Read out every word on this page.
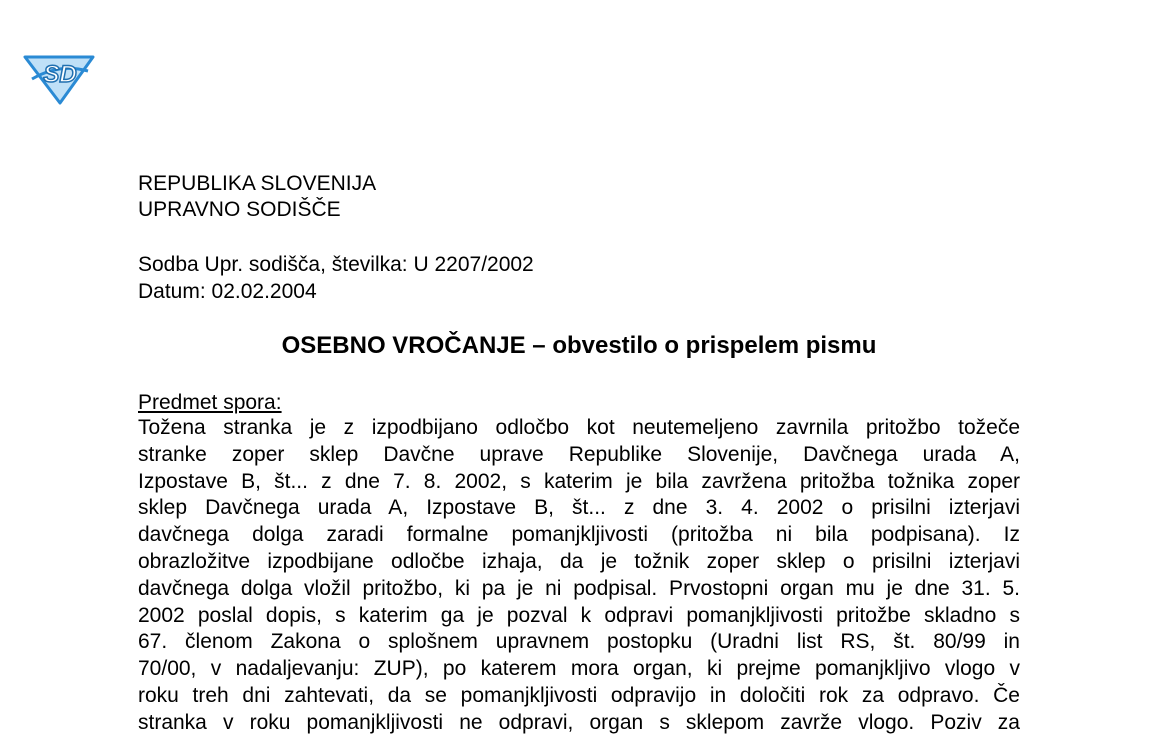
SD
REPUBLIKA SLOVENIJA
UPRAVNO SODIŠČE
Sodba Upr. sodišča, številka: U 2207/2002
Datum: 02.02.2004
OSEBNO VROČANJE – obvestilo o prispelem pismu
Predmet spora:
Tožena stranka je z izpodbijano odločbo kot neutemeljeno zavrnila pritožbo tožeče
stranke zoper sklep Davčne uprave Republike Slovenije, Davčnega urada A,
Izpostave B, št... z dne 7. 8. 2002, s katerim je bila zavržena pritožba tožnika zoper
sklep Davčnega urada A, Izpostave B, št... z dne 3. 4. 2002 o prisilni izterjavi
davčnega dolga zaradi formalne pomanjkljivosti (pritožba ni bila podpisana). Iz
obrazložitve izpodbijane odločbe izhaja, da je tožnik zoper sklep o prisilni izterjavi
davčnega dolga vložil pritožbo, ki pa je ni podpisal. Prvostopni organ mu je dne 31. 5.
2002 poslal dopis, s katerim ga je pozval k odpravi pomanjkljivosti pritožbe skladno s
67. členom Zakona o splošnem upravnem postopku (Uradni list RS, št. 80/99 in
70/00, v nadaljevanju: ZUP), po katerem mora organ, ki prejme pomanjkljivo vlogo v
roku treh dni zahtevati, da se pomanjkljivosti odpravijo in določiti rok za odpravo. Če
stranka v roku pomanjkljivosti ne odpravi, organ s sklepom zavrže vlogo. Poziv za
